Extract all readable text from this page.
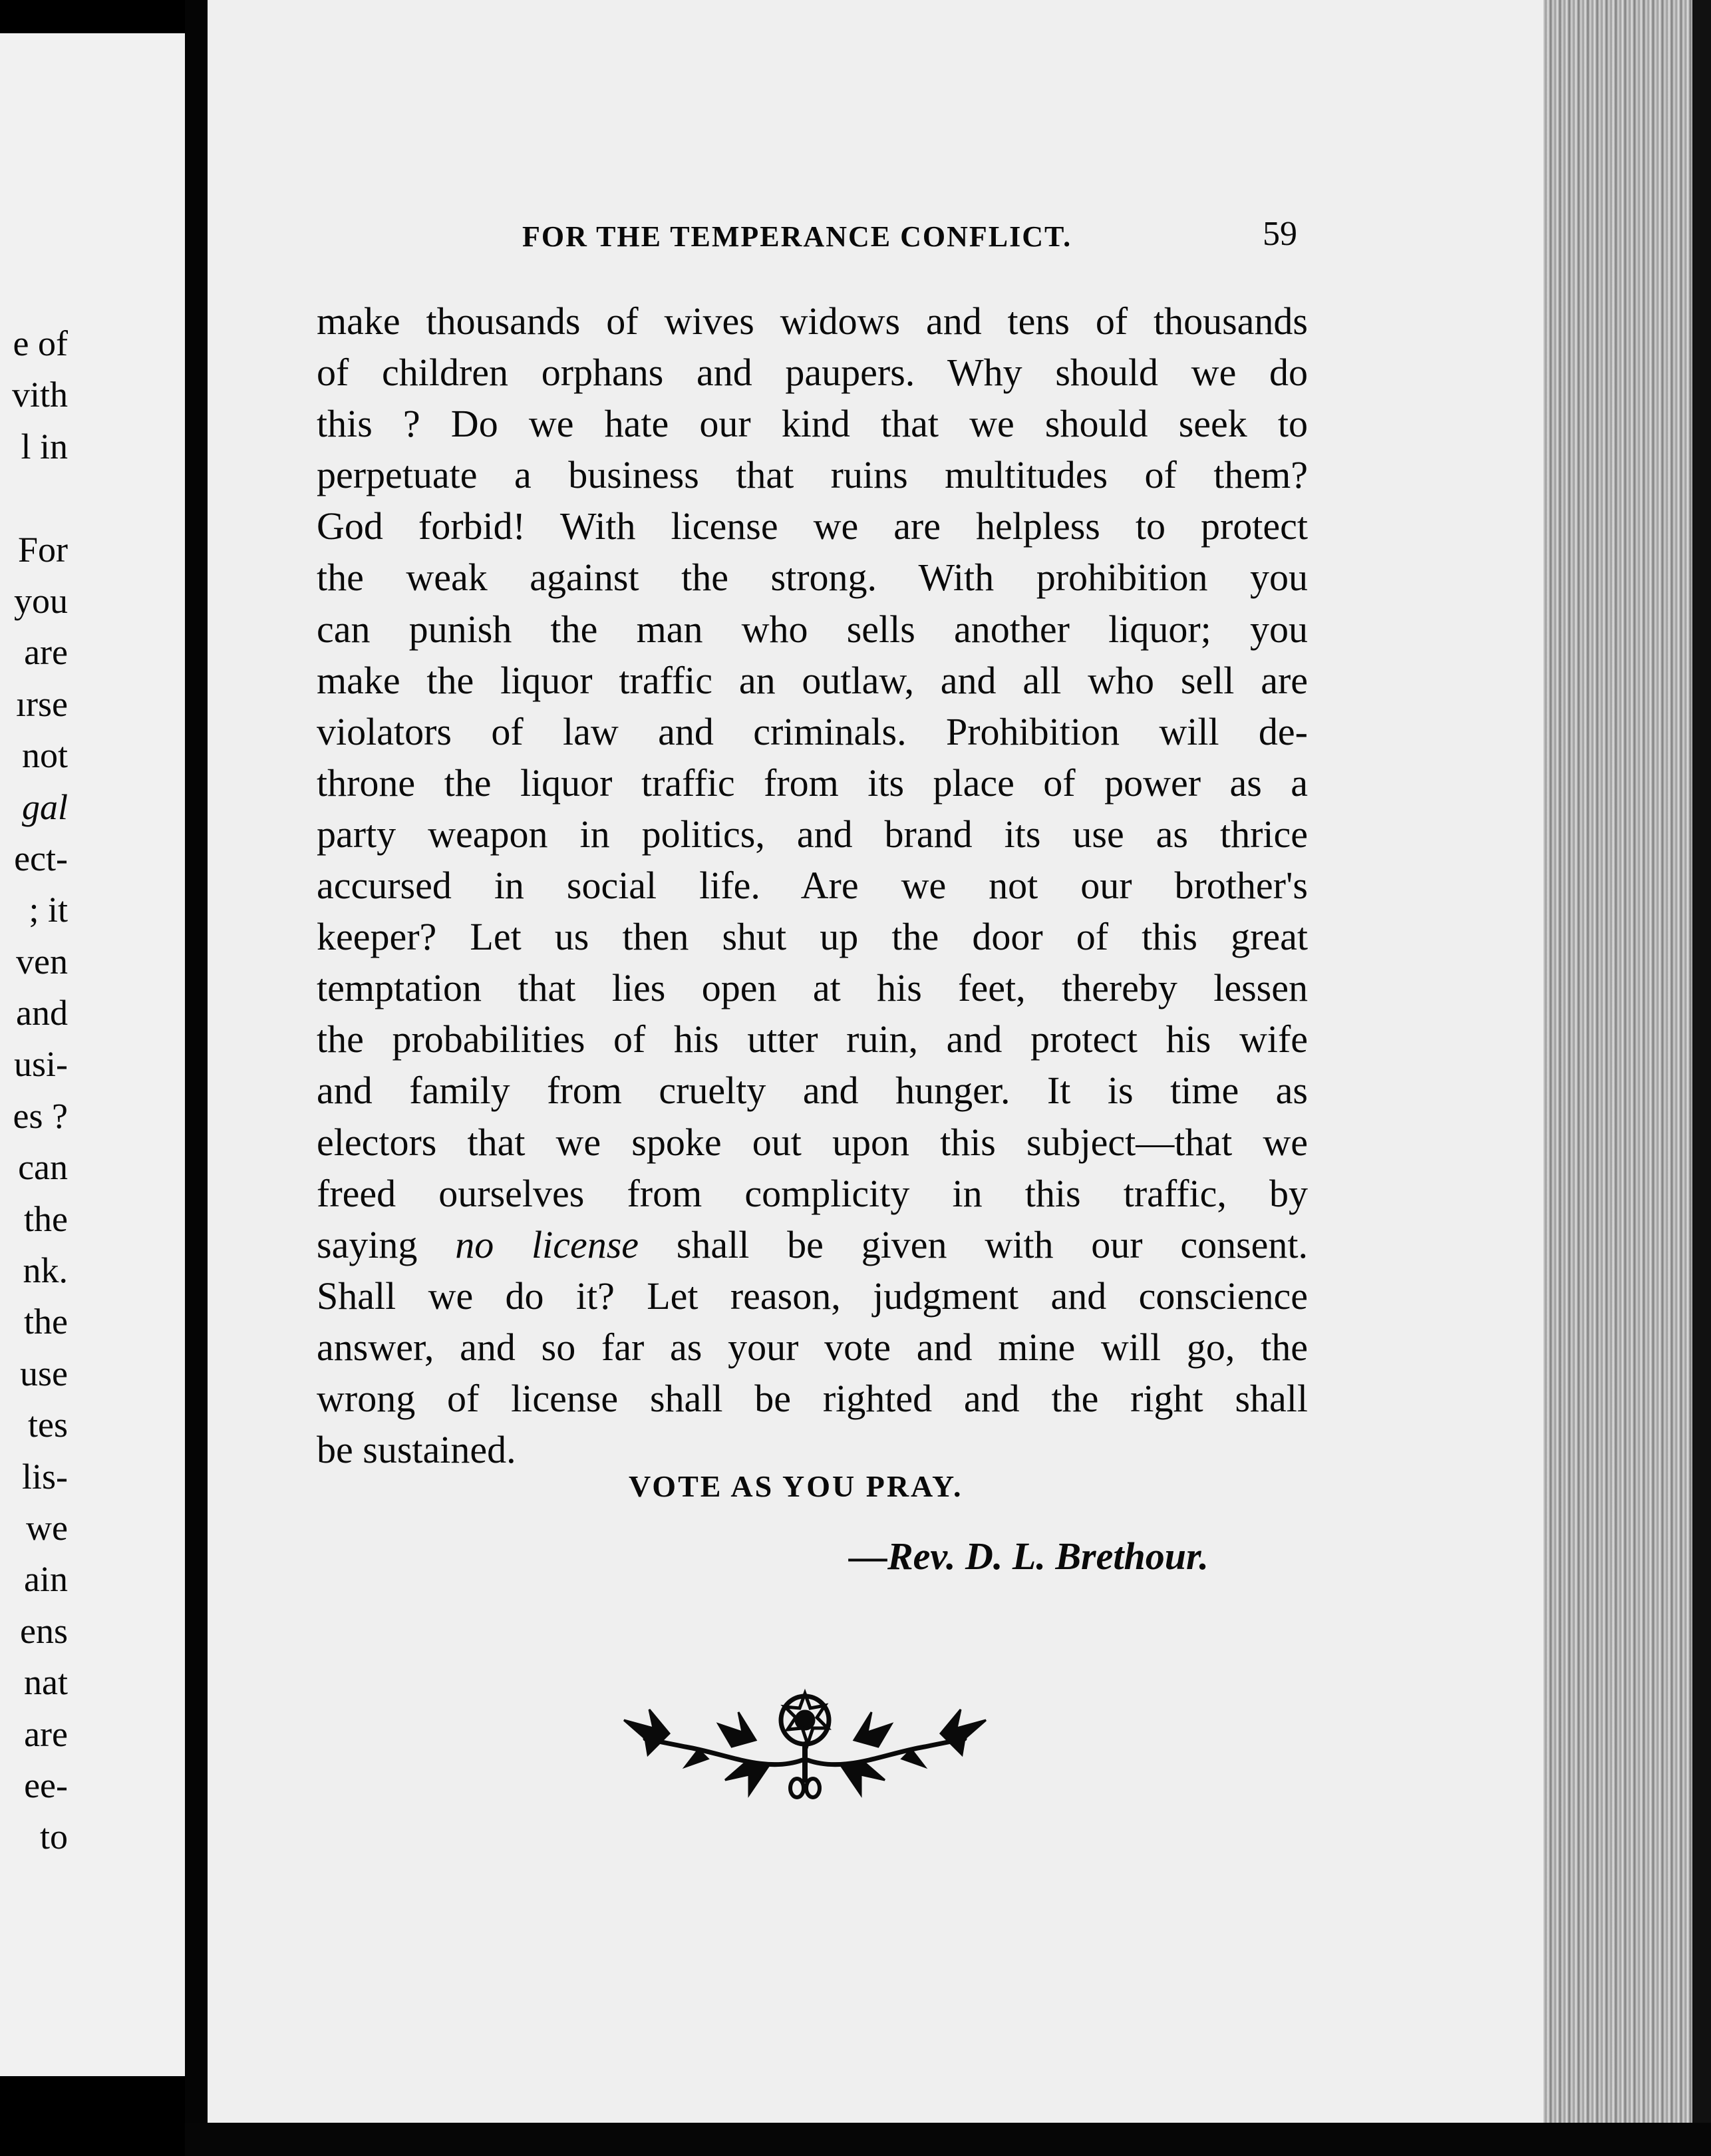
e of
vith
l in
For
you
are
ırse
not
gal
ect-
; it
ven
and
usi-
es ?
can
the
nk.
the
use
tes
lis-
we
ain
ens
nat
are
ee-
to
FOR THE TEMPERANCE CONFLICT.	59
make thousands of wives widows and tens of thousands
of children orphans and paupers. Why should we do
this ? Do we hate our kind that we should seek to
perpetuate a business that ruins multitudes of them?
God forbid! With license we are helpless to protect
the weak against the strong. With prohibition you
can punish the man who sells another liquor; you
make the liquor traffic an outlaw, and all who sell are
violators of law and criminals. Prohibition will de-
throne the liquor traffic from its place of power as a
party weapon in politics, and brand its use as thrice
accursed in social life. Are we not our brother's
keeper? Let us then shut up the door of this great
temptation that lies open at his feet, thereby lessen
the probabilities of his utter ruin, and protect his wife
and family from cruelty and hunger. It is time as
electors that we spoke out upon this subject—that we
freed ourselves from complicity in this traffic, by
saying no license shall be given with our consent.
Shall we do it? Let reason, judgment and conscience
answer, and so far as your vote and mine will go, the
wrong of license shall be righted and the right shall
be sustained.
VOTE AS YOU PRAY.
—Rev. D. L. Brethour.
